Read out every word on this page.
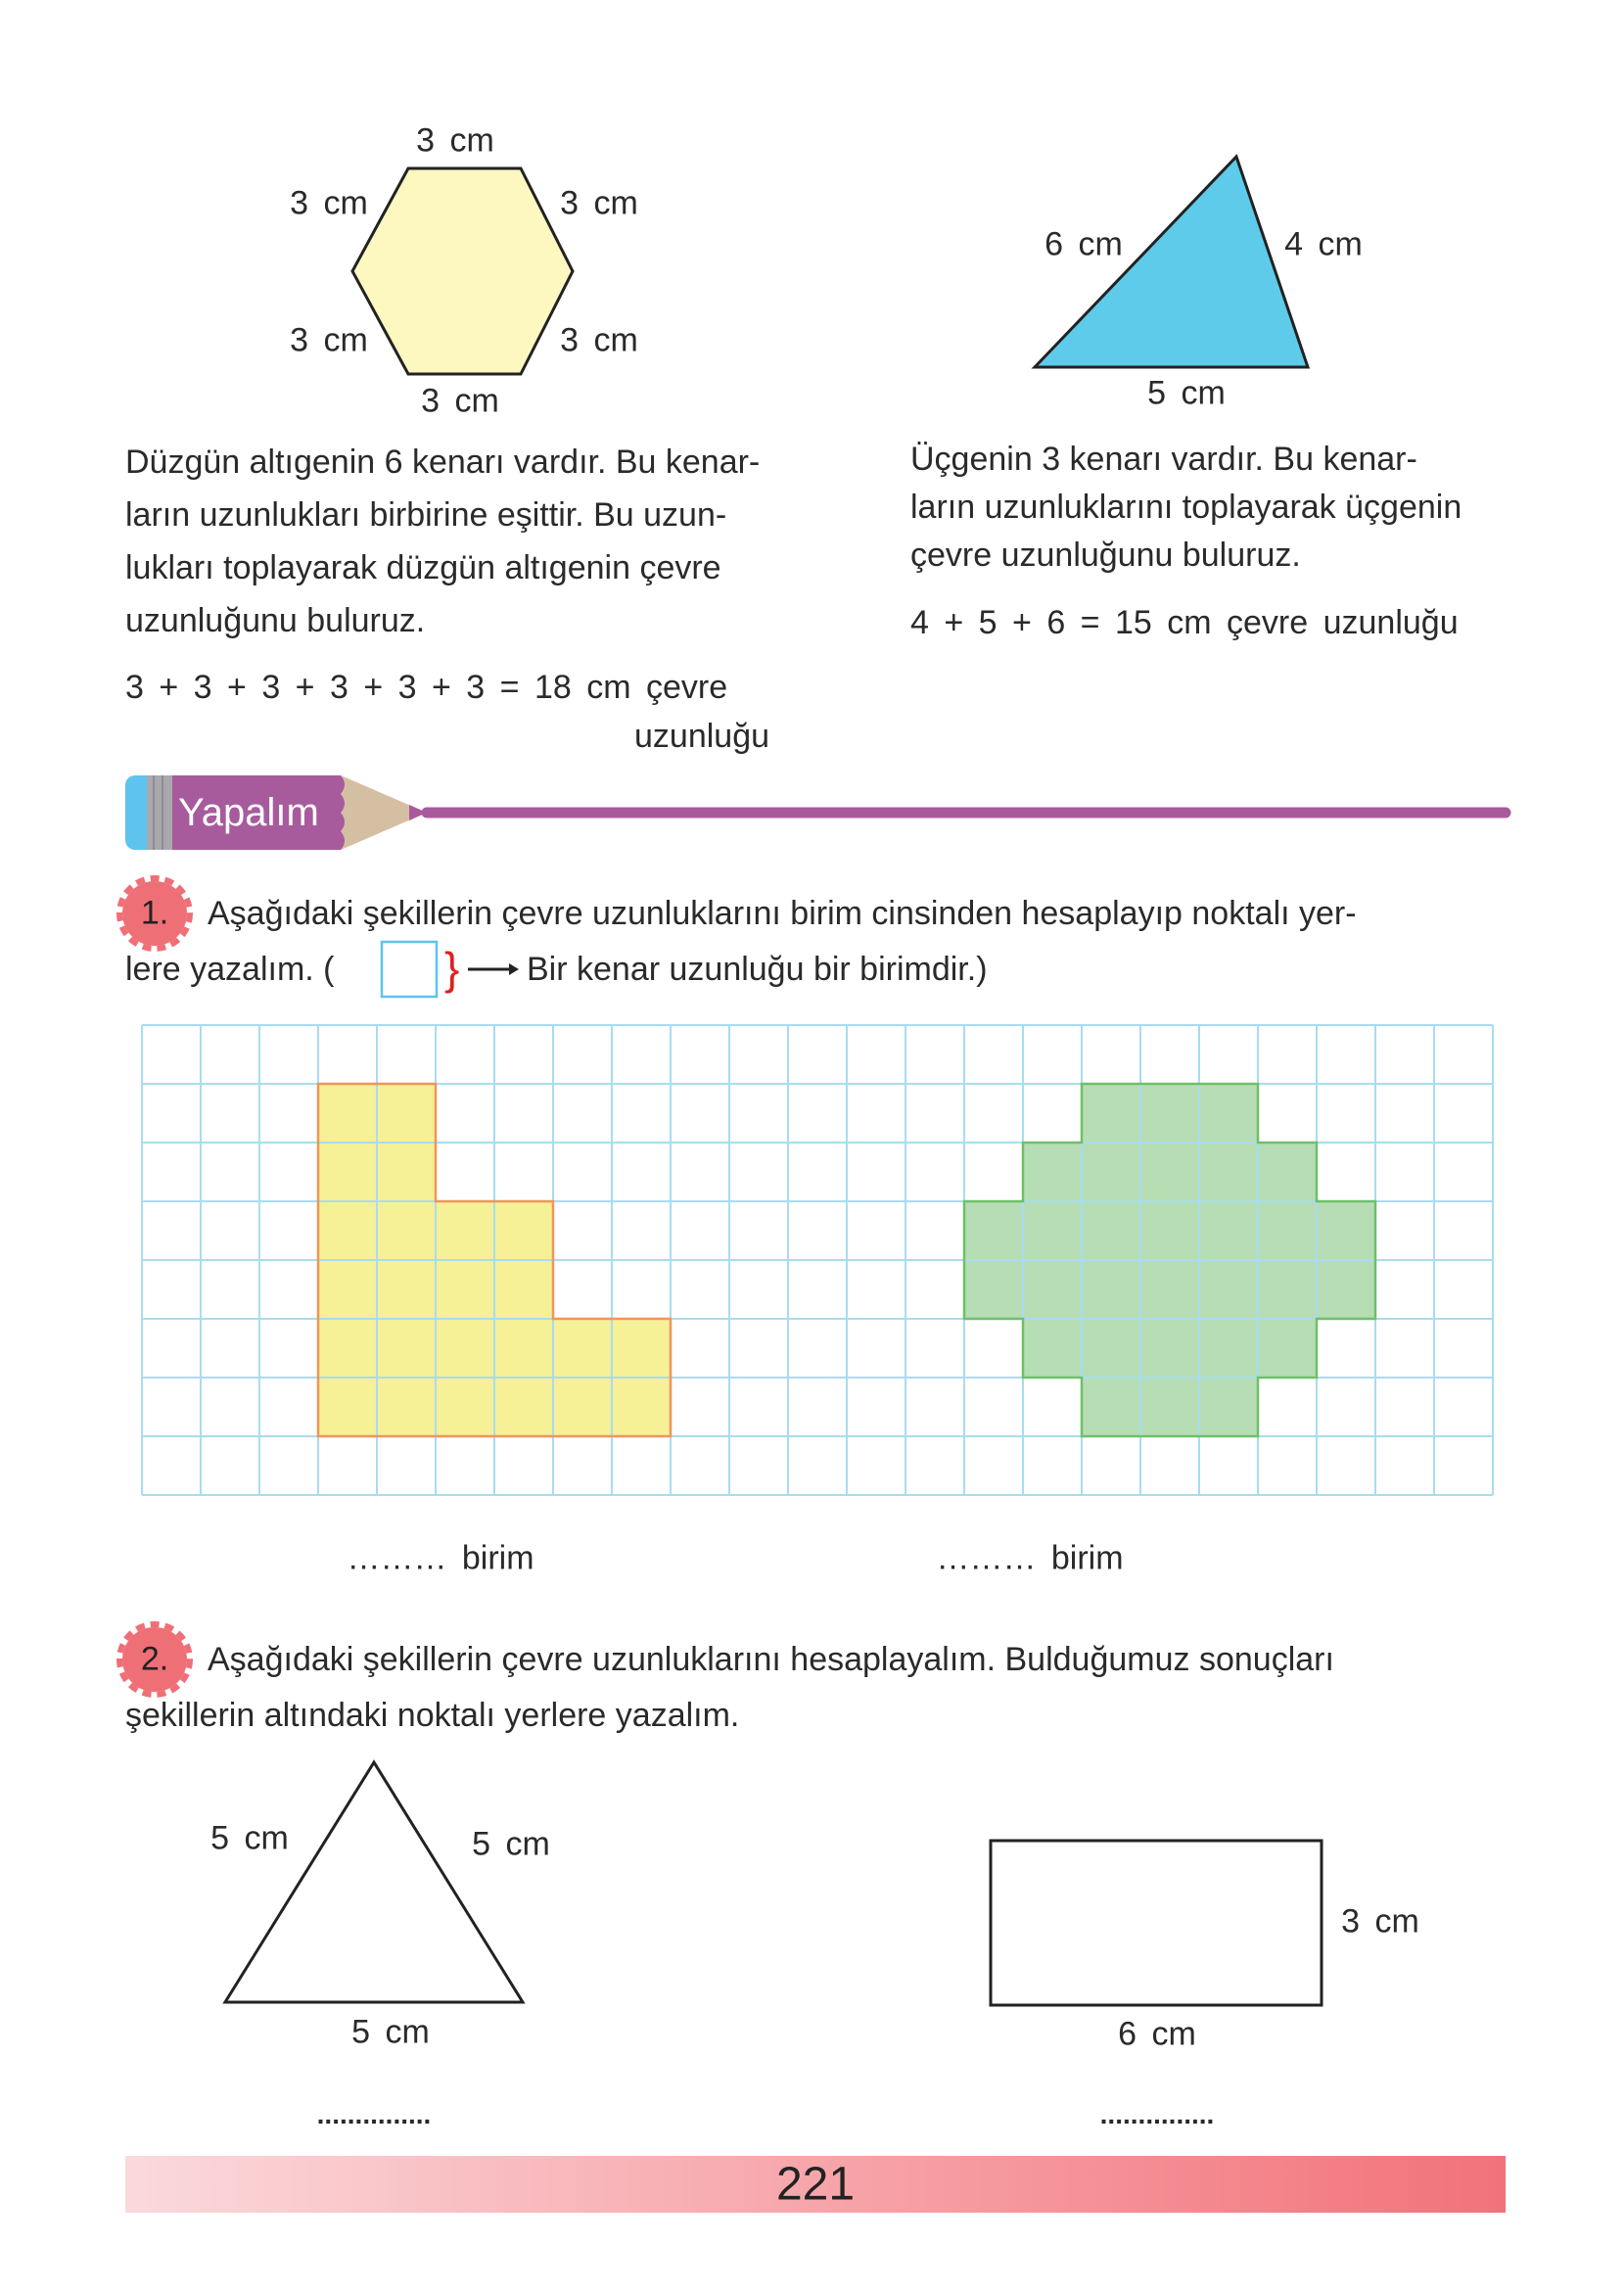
}
3 cm
3 cm	3 cm
3 cm	3 cm
3 cm
6 cm	4 cm
5 cm
Düzgün altıgenin 6 kenarı vardır. Bu kenar-
ların uzunlukları birbirine eşittir. Bu uzun-
lukları toplayarak düzgün altıgenin çevre
uzunluğunu buluruz.
3 + 3 + 3 + 3 + 3 + 3 = 18 cm çevre
uzunluğu
Üçgenin 3 kenarı vardır. Bu kenar-
ların uzunluklarını toplayarak üçgenin
çevre uzunluğunu buluruz.
4 + 5 + 6 = 15 cm çevre uzunluğu
Yapalım
1. Aşağıdaki şekillerin çevre uzunluklarını birim cinsinden hesaplayıp noktalı yer-
lere yazalım. (	Bir kenar uzunluğu bir birimdir.)
……… birim	……… birim
2. Aşağıdaki şekillerin çevre uzunluklarını hesaplayalım. Bulduğumuz sonuçları
şekillerin altındaki noktalı yerlere yazalım.
5 cm	5 cm
5 cm
3 cm
6 cm
...............	...............
221
